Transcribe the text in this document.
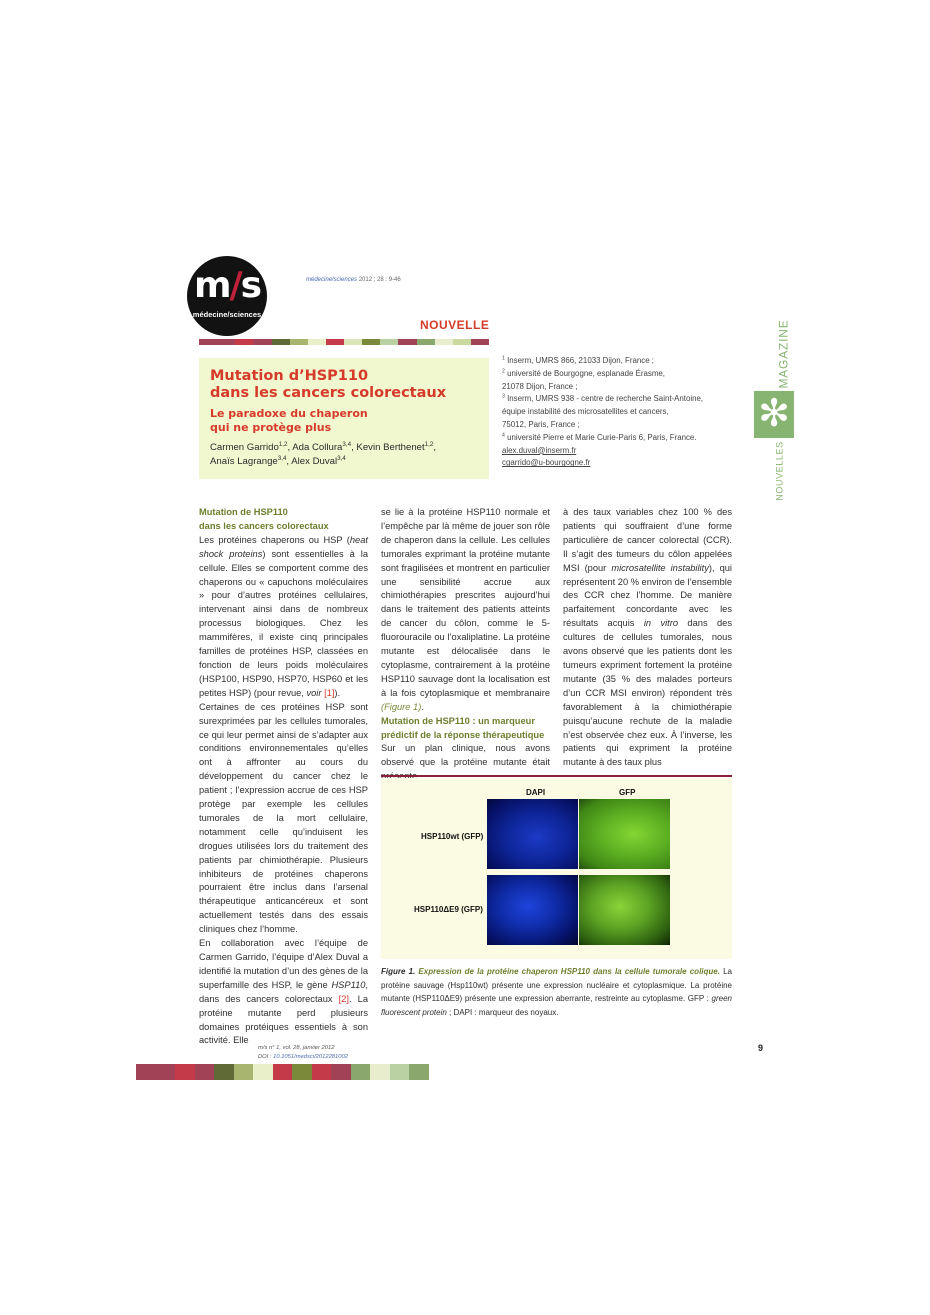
m/s
médecine/sciences
médecine/sciences 2012 ; 28 : 9-46
NOUVELLE
Mutation d’HSP110
dans les cancers colorectaux
Le paradoxe du chaperon
qui ne protège plus
Carmen Garrido$^{1,2}$, Ada Collura$^{3,4}$, Kevin Berthenet$^{1,2}$,
Anaïs Lagrange$^{3,4}$, Alex Duval$^{3,4}$
$^1$ Inserm, UMRS 866, 21033 Dijon, France ;
$^2$ université de Bourgogne, esplanade Érasme,
21078 Dijon, France ;
$^3$ Inserm, UMRS 938 - centre de recherche Saint-Antoine,
équipe instabilité des microsatellites et cancers,
75012, Paris, France ;
$^4$ université Pierre et Marie Curie-Paris 6, Paris, France.
alex.duval@inserm.fr
cgarrido@u-bourgogne.fr
MAGAZINE
✻
NOUVELLES

Mutation de HSP110
dans les cancers colorectaux

Les protéines chaperons ou HSP (heat shock proteins) sont essentielles à la cellule. Elles se comportent comme des chaperons ou « capuchons moléculaires » pour d’autres protéines cellulaires, intervenant ainsi dans de nombreux processus biologiques. Chez les mammifères, il existe cinq principales familles de protéines HSP, classées en fonction de leurs poids moléculaires (HSP100, HSP90, HSP70, HSP60 et les petites HSP) (pour revue, voir [1]).

Certaines de ces protéines HSP sont surexprimées par les cellules tumorales, ce qui leur permet ainsi de s’adapter aux conditions environnementales qu’elles ont à affronter au cours du développement du cancer chez le patient ; l’expression accrue de ces HSP protège par exemple les cellules tumorales de la mort cellulaire, notamment celle qu’induisent les drogues utilisées lors du traitement des patients par chimiothérapie. Plusieurs inhibiteurs de protéines chaperons pourraient être inclus dans l’arsenal thérapeutique anticancéreux et sont actuellement testés dans des essais cliniques chez l’homme.

En collaboration avec l’équipe de Carmen Garrido, l’équipe d’Alex Duval a identifié la mutation d’un des gènes de la superfamille des HSP, le gène HSP110, dans des cancers colorectaux [2]. La protéine mutante perd plusieurs domaines protéiques essentiels à son activité. Elle

se lie à la protéine HSP110 normale et l’empêche par là même de jouer son rôle de chaperon dans la cellule. Les cellules tumorales exprimant la protéine mutante sont fragilisées et montrent en particulier une sensibilité accrue aux chimiothérapies prescrites aujourd’hui dans le traitement des patients atteints de cancer du côlon, comme le 5-fluorouracile ou l’oxaliplatine. La protéine mutante est délocalisée dans le cytoplasme, contrairement à la protéine HSP110 sauvage dont la localisation est à la fois cytoplasmique et membranaire (Figure 1).

Mutation de HSP110 : un marqueur
prédictif de la réponse thérapeutique

Sur un plan clinique, nous avons observé que la protéine mutante était

à des taux variables chez 100 % des patients qui souffraient d’une forme particulière de cancer colorectal (CCR). Il s’agit des tumeurs du côlon appelées MSI (pour microsatellite instability), qui représentent 20 % environ de l’ensemble des CCR chez l’homme. De manière parfaitement concordante avec les résultats acquis in vitro dans des cultures de cellules tumorales, nous avons observé que les patients dont les tumeurs expriment fortement la protéine mutante (35 % des malades porteurs d’un CCR MSI environ) répondent très favorablement à la chimiothérapie puisqu’aucune rechute de la maladie n’est observée chez eux. À l’inverse, les patients qui expriment la protéine mutante à des taux plus

DAPI	GFP
HSP110wt (GFP)
HSP110ΔE9 (GFP)
Figure 1. Expression de la protéine chaperon HSP110 dans la cellule tumorale colique. La protéine sauvage (Hsp110wt) présente une expression nucléaire et cytoplasmique. La protéine mutante (HSP110ΔE9) présente une expression aberrante, restreinte au cytoplasme. GFP : green fluorescent protein ; DAPI : marqueur des noyaux.
m/s n° 1, vol. 28, janvier 2012
DOI : 10.1051/medsci/2012281002
9
